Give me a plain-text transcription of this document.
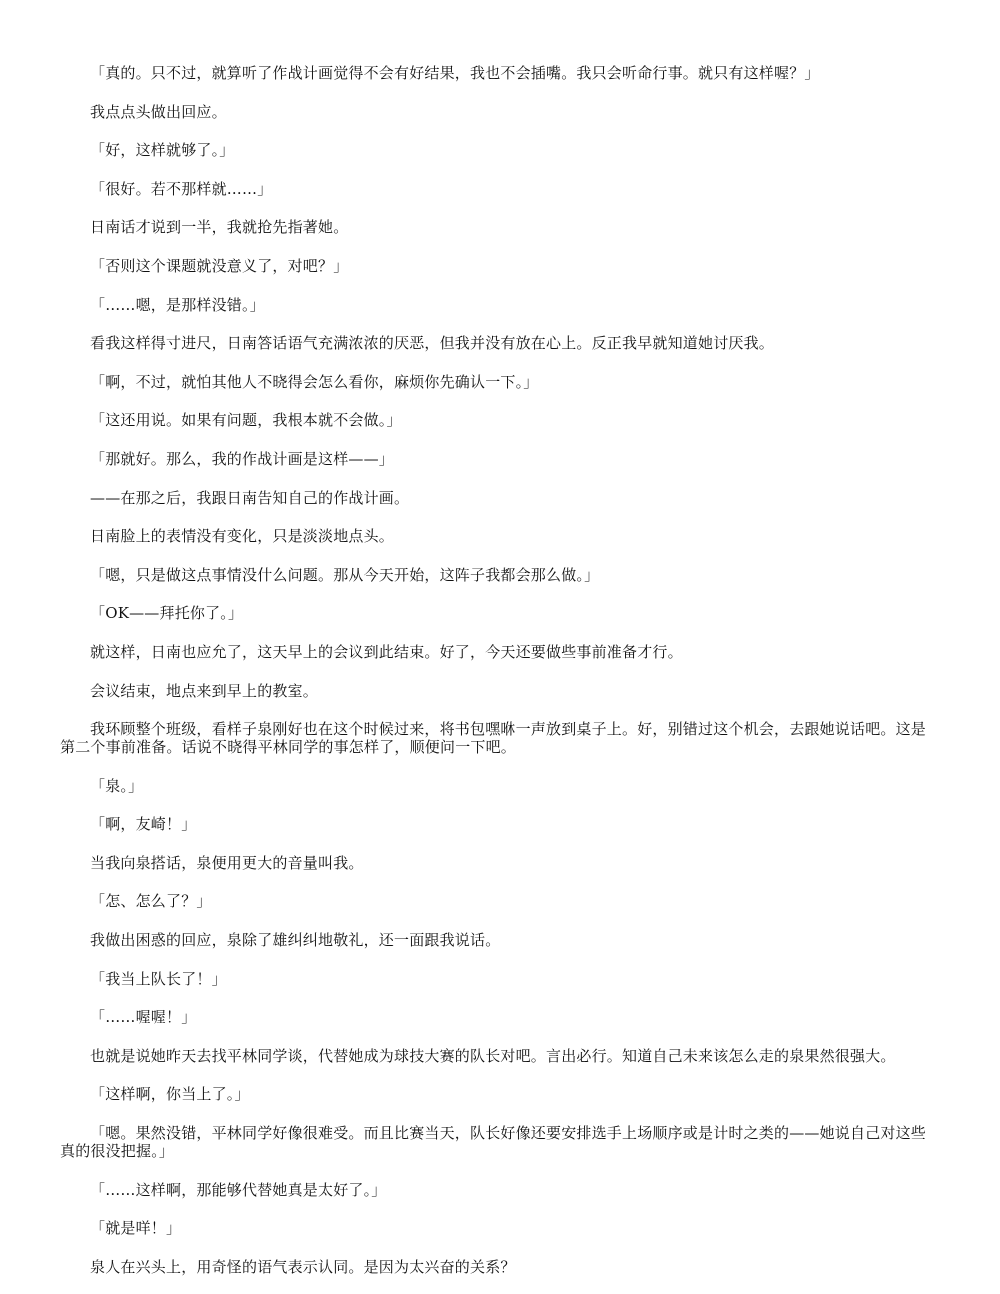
「真的。只不过，就算听了作战计画觉得不会有好结果，我也不会插嘴。我只会听命行事。就只有这样喔？」

我点点头做出回应。

「好，这样就够了。」

「很好。若不那样就……」

日南话才说到一半，我就抢先指著她。

「否则这个课题就没意义了，对吧？」

「……嗯，是那样没错。」

看我这样得寸进尺，日南答话语气充满浓浓的厌恶，但我并没有放在心上。反正我早就知道她讨厌我。

「啊，不过，就怕其他人不晓得会怎么看你，麻烦你先确认一下。」

「这还用说。如果有问题，我根本就不会做。」

「那就好。那么，我的作战计画是这样——」

——在那之后，我跟日南告知自己的作战计画。

日南脸上的表情没有变化，只是淡淡地点头。

「嗯，只是做这点事情没什么问题。那从今天开始，这阵子我都会那么做。」

「OK——拜托你了。」

就这样，日南也应允了，这天早上的会议到此结束。好了，今天还要做些事前准备才行。

会议结束，地点来到早上的教室。

我环顾整个班级，看样子泉刚好也在这个时候过来，将书包嘿咻一声放到桌子上。好，别错过这个机会，去跟她说话吧。这是第二个事前准备。话说不晓得平林同学的事怎样了，顺便问一下吧。

「泉。」

「啊，友崎！」

当我向泉搭话，泉便用更大的音量叫我。

「怎、怎么了？」

我做出困惑的回应，泉除了雄纠纠地敬礼，还一面跟我说话。

「我当上队长了！」

「……喔喔！」

也就是说她昨天去找平林同学谈，代替她成为球技大赛的队长对吧。言出必行。知道自己未来该怎么走的泉果然很强大。

「这样啊，你当上了。」

「嗯。果然没错，平林同学好像很难受。而且比赛当天，队长好像还要安排选手上场顺序或是计时之类的——她说自己对这些真的很没把握。」

「……这样啊，那能够代替她真是太好了。」

「就是咩！」

泉人在兴头上，用奇怪的语气表示认同。是因为太兴奋的关系？
